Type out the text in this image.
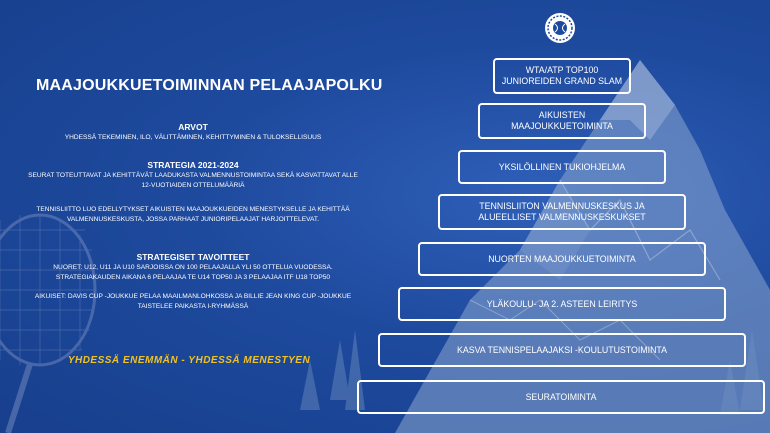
MAAJOUKKUETOIMINNAN PELAAJAPOLKU
ARVOT
YHDESSÄ TEKEMINEN, ILO, VÄLITTÄMINEN, KEHITTYMINEN & TULOKSELLISUUS
STRATEGIA 2021-2024
SEURAT TOTEUTTAVAT JA KEHITTÄVÄT LAADUKASTA VALMENNUSTOIMINTAA SEKÄ KASVATTAVAT ALLE 12-VUOTIAIDEN OTTELUMÄÄRIÄ
TENNISLIITTO LUO EDELLYTYKSET AIKUISTEN MAAJOUKKUEIDEN MENESTYKSELLE JA KEHITTÄÄ VALMENNUSKESKUSTA, JOSSA PARHAAT JUNIORIPELAAJAT HARJOITTELEVAT.
STRATEGISET TAVOITTEET
NUORET: U12, U11 JA U10 SARJOISSA ON 100 PELAAJALLA YLI 50 OTTELUA VUODESSA. STRATEGIAKAUDEN AIKANA 6 PELAAJAA TE U14 TOP50 JA 3 PELAAJAA ITF U18 TOP50
AIKUISET: DAVIS CUP -JOUKKUE PELAA MAAILMANLOHKOSSA JA BILLIE JEAN KING CUP -JOUKKUE TAISTELEE PAIKASTA I-RYHMÄSSÄ
YHDESSÄ ENEMMÄN - YHDESSÄ MENESTYEN
WTA/ATP TOP100
JUNIOREIDEN GRAND SLAM
AIKUISTEN
MAAJOUKKUETOIMINTA
YKSILÖLLINEN TUKIOHJELMA
TENNISLIITON VALMENNUSKESKUS JA
ALUEELLISET VALMENNUSKESKUKSET
NUORTEN MAAJOUKKUETOIMINTA
YLÄKOULU- JA 2. ASTEEN LEIRITYS
KASVA TENNISPELAAJAKSI -KOULUTUSTOIMINTA
SEURATOIMINTA
